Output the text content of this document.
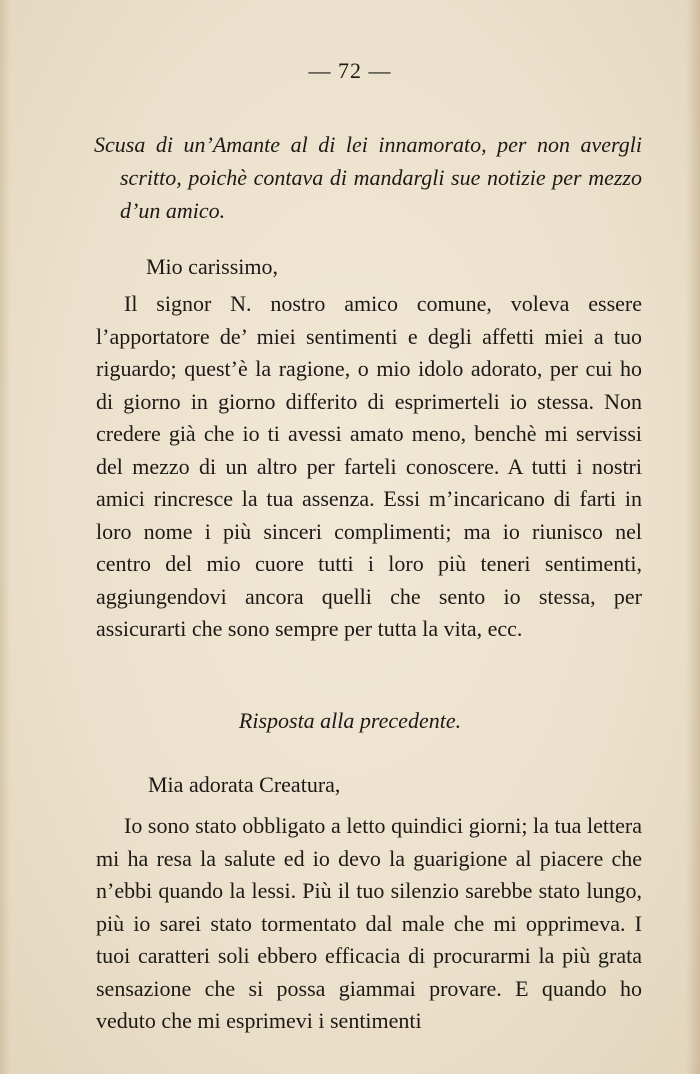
— 72 —
Scusa di un’Amante al di lei innamorato, per non avergli scritto, poichè contava di mandargli sue notizie per mezzo d’un amico.
Mio carissimo,
Il signor N. nostro amico comune, voleva essere l’apportatore de’ miei sentimenti e degli affetti miei a tuo riguardo; quest’è la ragione, o mio idolo adorato, per cui ho di giorno in giorno differito di esprimerteli io stessa. Non credere già che io ti avessi amato meno, benchè mi servissi del mezzo di un altro per farteli conoscere. A tutti i nostri amici rincresce la tua assenza. Essi m’incaricano di farti in loro nome i più sinceri complimenti; ma io riunisco nel centro del mio cuore tutti i loro più teneri sentimenti, aggiungendovi ancora quelli che sento io stessa, per assicurarti che sono sempre per tutta la vita, ecc.
Risposta alla precedente.
Mia adorata Creatura,
Io sono stato obbligato a letto quindici giorni; la tua lettera mi ha resa la salute ed io devo la guarigione al piacere che n’ebbi quando la lessi. Più il tuo silenzio sarebbe stato lungo, più io sarei stato tormentato dal male che mi opprimeva. I tuoi caratteri soli ebbero efficacia di procurarmi la più grata sensazione che si possa giammai provare. E quando ho veduto che mi esprimevi i sentimenti
